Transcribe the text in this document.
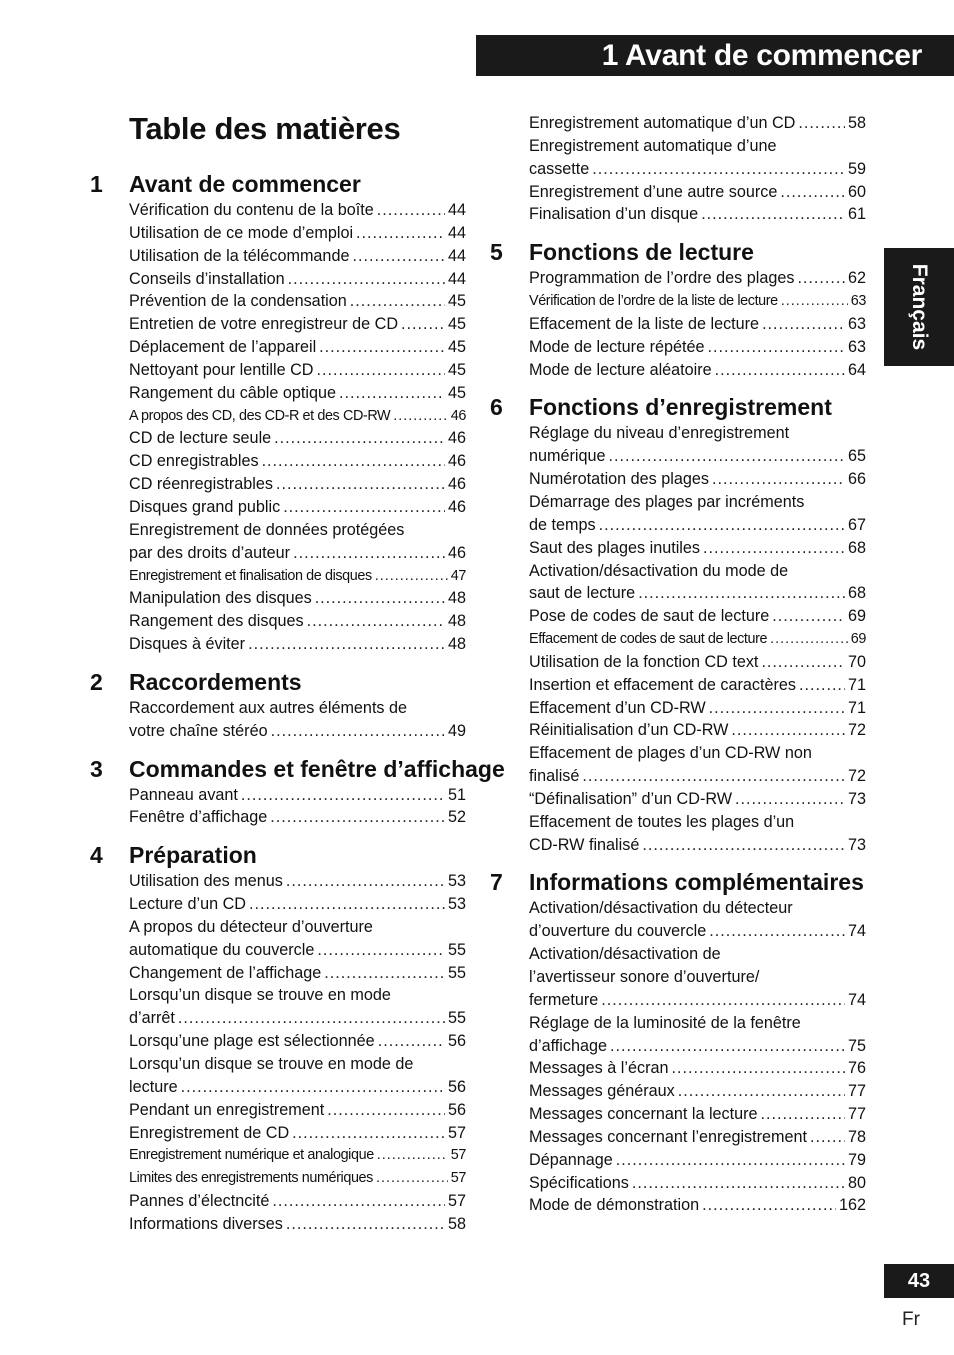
1 Avant de commencer
Français
Table des matières
1 Avant de commencer
Vérification du contenu de la boîte .....	44
Utilisation de ce mode d’emploi .....	44
Utilisation de la télécommande .....	44
Conseils d’installation .....	44
Prévention de la condensation .....	45
Entretien de votre enregistreur de CD .....	45
Déplacement de l’appareil .....	45
Nettoyant pour lentille CD .....	45
Rangement du câble optique .....	45
A propos des CD, des CD-R et des CD-RW .....	46
CD de lecture seule .....	46
CD enregistrables .....	46
CD réenregistrables .....	46
Disques grand public .....	46
Enregistrement de données protégées
par des droits d’auteur .....	46
Enregistrement et finalisation de disques .....	47
Manipulation des disques .....	48
Rangement des disques .....	48
Disques à éviter .....	48
2 Raccordements
Raccordement aux autres éléments de
votre chaîne stéréo .....	49
3 Commandes et fenêtre d’affichage
Panneau avant .....	51
Fenêtre d’affichage .....	52
4 Préparation
Utilisation des menus .....	53
Lecture d’un CD .....	53
A propos du détecteur d’ouverture
automatique du couvercle .....	55
Changement de l’affichage .....	55
Lorsqu’un disque se trouve en mode
d’arrêt .....	55
Lorsqu’une plage est sélectionnée .....	56
Lorsqu’un disque se trouve en mode de
lecture .....	56
Pendant un enregistrement .....	56
Enregistrement de CD .....	57
Enregistrement numérique et analogique .....	57
Limites des enregistrements numériques .....	57
Pannes d’électncité .....	57
Informations diverses .....	58
Enregistrement automatique d’un CD .....	58
Enregistrement automatique d’une
cassette .....	59
Enregistrement d’une autre source .....	60
Finalisation d’un disque .....	61
5 Fonctions de lecture
Programmation de l’ordre des plages .....	62
Vérification de l’ordre de la liste de lecture .....	63
Effacement de la liste de lecture .....	63
Mode de lecture répétée .....	63
Mode de lecture aléatoire .....	64
6 Fonctions d’enregistrement
Réglage du niveau d’enregistrement
numérique .....	65
Numérotation des plages .....	66
Démarrage des plages par incréments
de temps .....	67
Saut des plages inutiles .....	68
Activation/désactivation du mode de
saut de lecture .....	68
Pose de codes de saut de lecture .....	69
Effacement de codes de saut de lecture .....	69
Utilisation de la fonction CD text .....	70
Insertion et effacement de caractères .....	71
Effacement d’un CD-RW .....	71
Réinitialisation d’un CD-RW .....	72
Effacement de plages d’un CD-RW non
finalisé .....	72
“Définalisation” d’un CD-RW .....	73
Effacement de toutes les plages d’un
CD-RW finalisé .....	73
7 Informations complémentaires
Activation/désactivation du détecteur
d’ouverture du couvercle .....	74
Activation/désactivation de
l’avertisseur sonore d’ouverture/
fermeture .....	74
Réglage de la luminosité de la fenêtre
d’affichage .....	75
Messages à l’écran .....	76
Messages généraux .....	77
Messages concernant la lecture .....	77
Messages concernant l’enregistrement .....	78
Dépannage .....	79
Spécifications .....	80
Mode de démonstration .....	162
43
Fr
